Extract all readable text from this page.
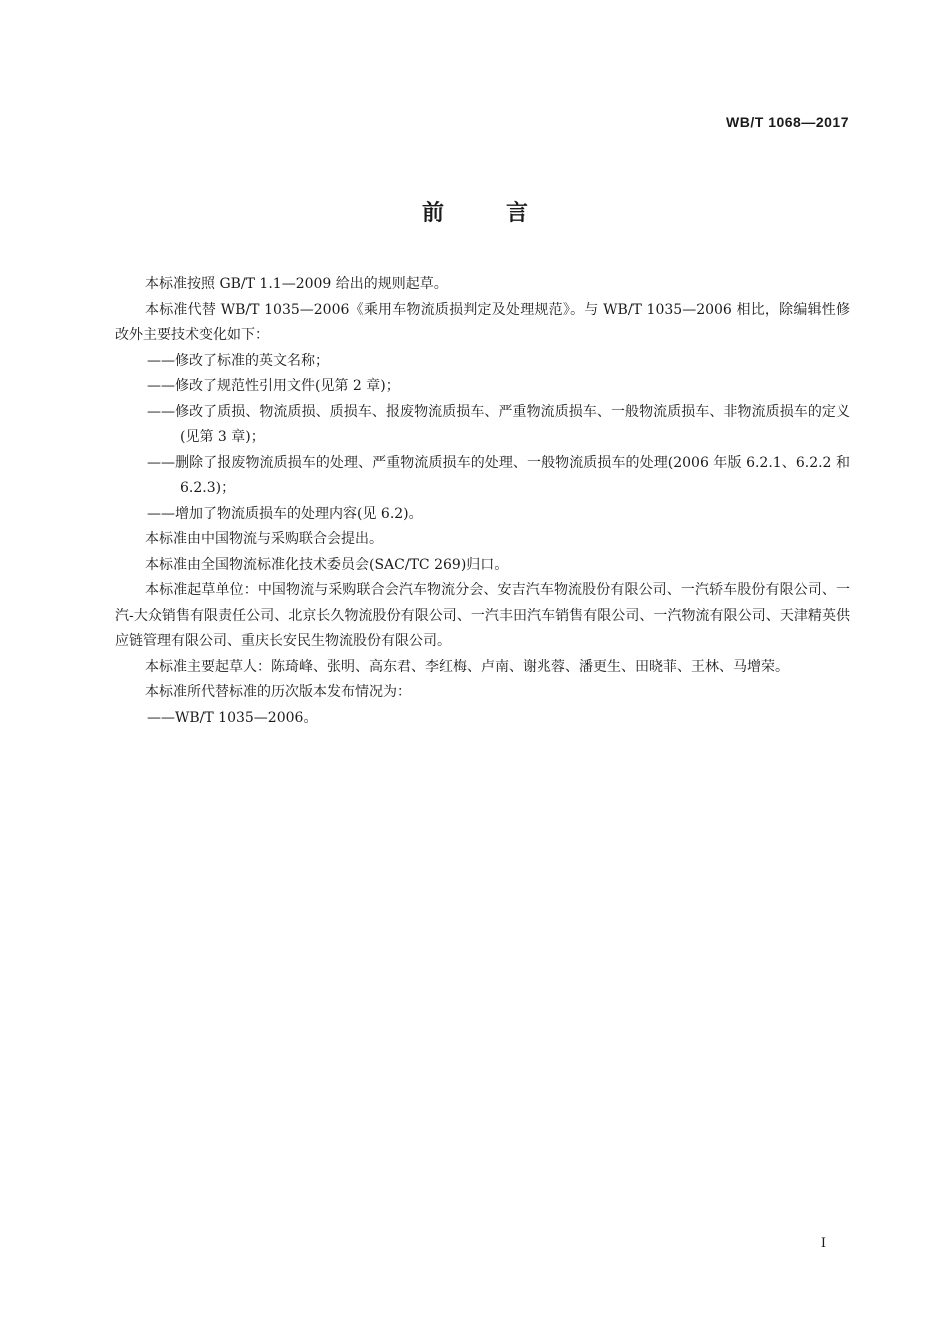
WB/T 1068—2017
前言

本标准按照 GB/T 1.1—2009 给出的规则起草。

本标准代替 WB/T 1035—2006《乘用车物流质损判定及处理规范》。与 WB/T 1035—2006 相比，除编辑性修改外主要技术变化如下：

——修改了标准的英文名称；

——修改了规范性引用文件(见第 2 章)；

——修改了质损、物流质损、质损车、报废物流质损车、严重物流质损车、一般物流质损车、非物流质损车的定义(见第 3 章)；

——删除了报废物流质损车的处理、严重物流质损车的处理、一般物流质损车的处理(2006 年版 6.2.1、6.2.2 和 6.2.3)；

——增加了物流质损车的处理内容(见 6.2)。

本标准由中国物流与采购联合会提出。

本标准由全国物流标准化技术委员会(SAC/TC 269)归口。

本标准起草单位：中国物流与采购联合会汽车物流分会、安吉汽车物流股份有限公司、一汽轿车股份有限公司、一汽-大众销售有限责任公司、北京长久物流股份有限公司、一汽丰田汽车销售有限公司、一汽物流有限公司、天津精英供应链管理有限公司、重庆长安民生物流股份有限公司。

本标准主要起草人：陈琦峰、张明、高东君、李红梅、卢南、谢兆蓉、潘更生、田晓菲、王林、马增荣。

本标准所代替标准的历次版本发布情况为：

——WB/T 1035—2006。

I
